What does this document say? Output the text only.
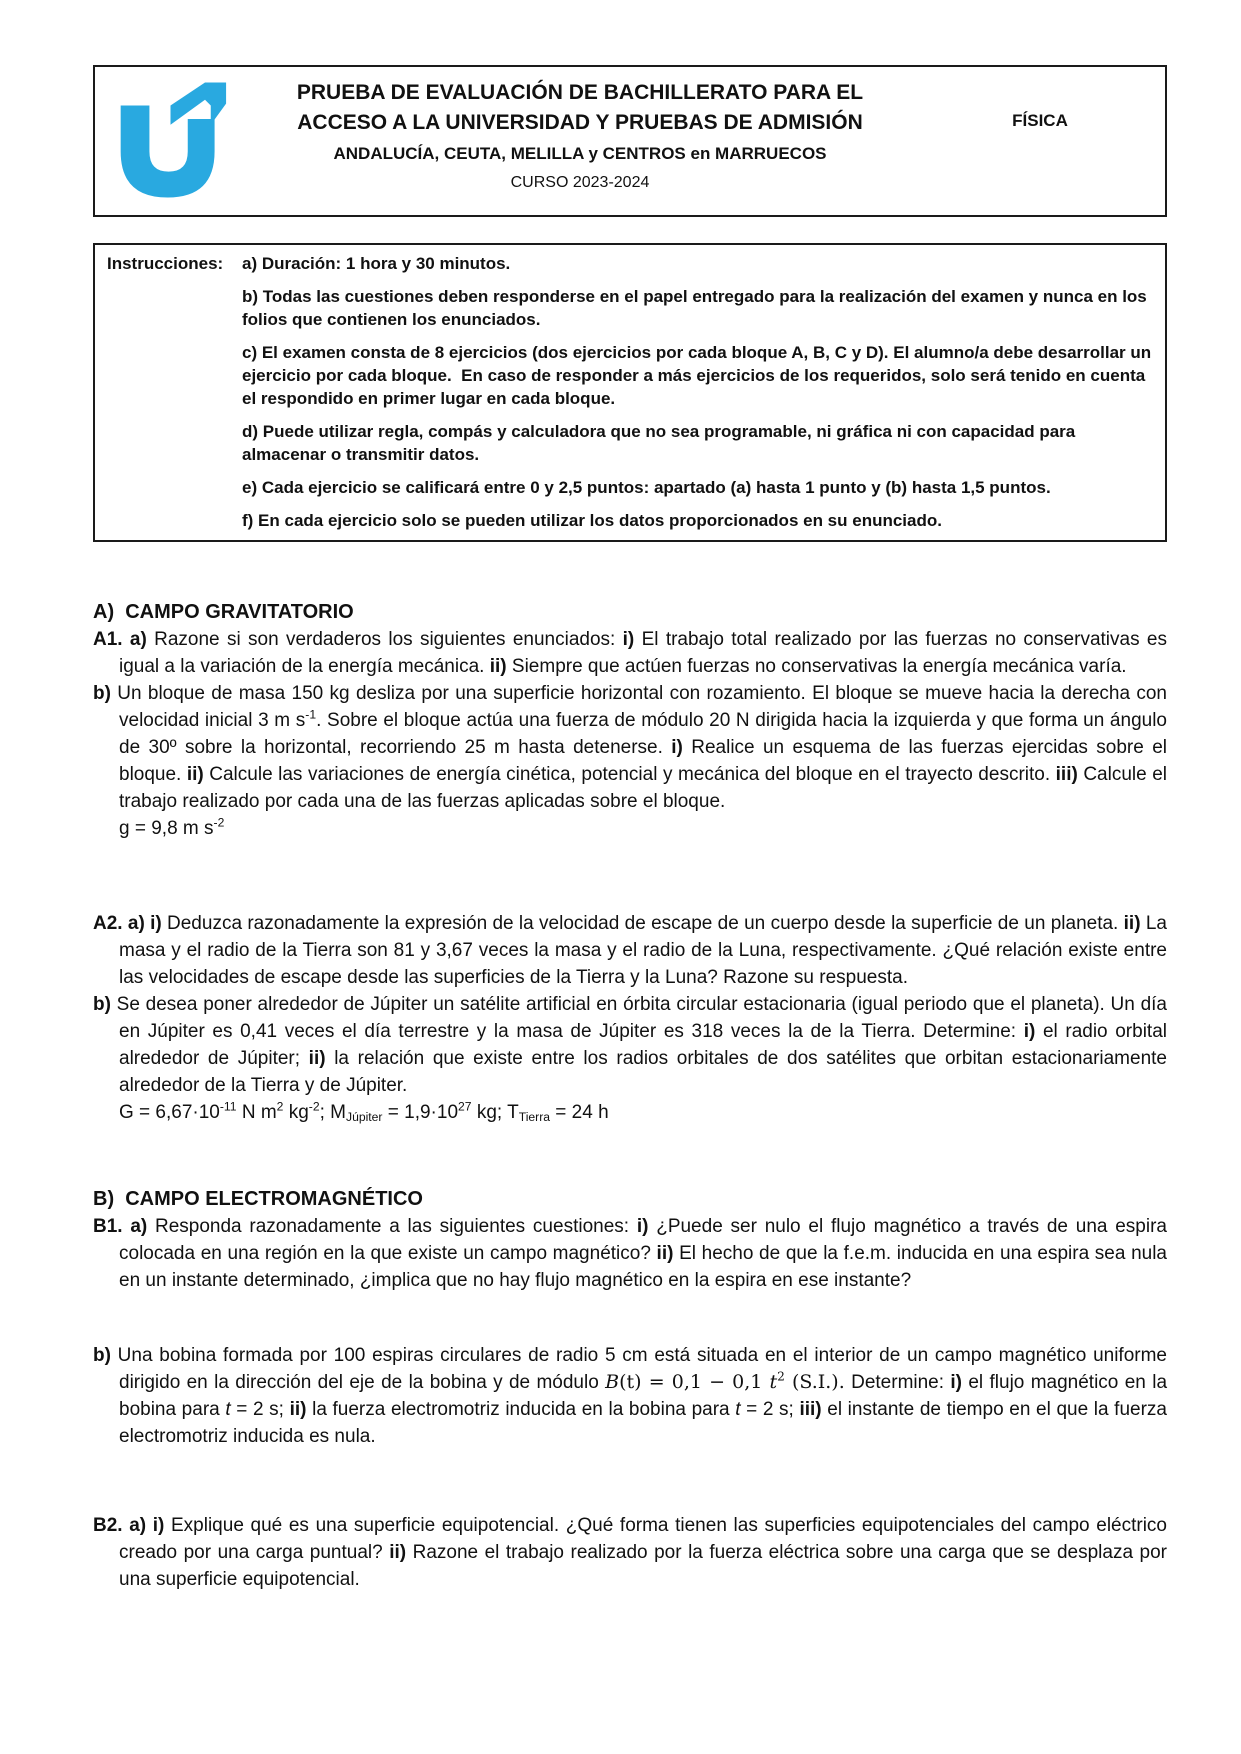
PRUEBA DE EVALUACIÓN DE BACHILLERATO PARA EL
ACCESO A LA UNIVERSIDAD Y PRUEBAS DE ADMISIÓN
ANDALUCÍA, CEUTA, MELILLA y CENTROS en MARRUECOS
CURSO 2023-2024
FÍSICA
Instrucciones:	a) Duración: 1 hora y 30 minutos.

b) Todas las cuestiones deben responderse en el papel entregado para la realización del examen y nunca en los folios que contienen los enunciados.

c) El examen consta de 8 ejercicios (dos ejercicios por cada bloque A, B, C y D). El alumno/a debe desarrollar un ejercicio por cada bloque.  En caso de responder a más ejercicios de los requeridos, solo será tenido en cuenta el respondido en primer lugar en cada bloque.

d) Puede utilizar regla, compás y calculadora que no sea programable, ni gráfica ni con capacidad para almacenar o transmitir datos.

e) Cada ejercicio se calificará entre 0 y 2,5 puntos: apartado (a) hasta 1 punto y (b) hasta 1,5 puntos.

f) En cada ejercicio solo se pueden utilizar los datos proporcionados en su enunciado.

A)  CAMPO GRAVITATORIO

A1. a) Razone si son verdaderos los siguientes enunciados: i) El trabajo total realizado por las fuerzas no conservativas es igual a la variación de la energía mecánica. ii) Siempre que actúen fuerzas no conservativas la energía mecánica varía.

b) Un bloque de masa 150 kg desliza por una superficie horizontal con rozamiento. El bloque se mueve hacia la derecha con velocidad inicial 3 m $s^{-1}$. Sobre el bloque actúa una fuerza de módulo 20 N dirigida hacia la izquierda y que forma un ángulo de 30º sobre la horizontal, recorriendo 25 m hasta detenerse. i) Realice un esquema de las fuerzas ejercidas sobre el bloque. ii) Calcule las variaciones de energía cinética, potencial y mecánica del bloque en el trayecto descrito. iii) Calcule el trabajo realizado por cada una de las fuerzas aplicadas sobre el bloque.

g = 9,8 m $s^{-2}$

A2. a) i) Deduzca razonadamente la expresión de la velocidad de escape de un cuerpo desde la superficie de un planeta. ii) La masa y el radio de la Tierra son 81 y 3,67 veces la masa y el radio de la Luna, respectivamente. ¿Qué relación existe entre las velocidades de escape desde las superficies de la Tierra y la Luna? Razone su respuesta.

b) Se desea poner alrededor de Júpiter un satélite artificial en órbita circular estacionaria (igual periodo que el planeta). Un día en Júpiter es 0,41 veces el día terrestre y la masa de Júpiter es 318 veces la de la Tierra. Determine: i) el radio orbital alrededor de Júpiter; ii) la relación que existe entre los radios orbitales de dos satélites que orbitan estacionariamente alrededor de la Tierra y de Júpiter.

$G = 6,67\cdot 10^{-11}$ N $m^2$ $kg^{-2}$; $M_{Júpiter} = 1,9\cdot 10^{27}$ kg; $T_{Tierra} = 24$ h

B)  CAMPO ELECTROMAGNÉTICO

B1. a) Responda razonadamente a las siguientes cuestiones: i) ¿Puede ser nulo el flujo magnético a través de una espira colocada en una región en la que existe un campo magnético? ii) El hecho de que la f.e.m. inducida en una espira sea nula en un instante determinado, ¿implica que no hay flujo magnético en la espira en ese instante?

b) Una bobina formada por 100 espiras circulares de radio 5 cm está situada en el interior de un campo magnético uniforme dirigido en la dirección del eje de la bobina y de módulo B(t) = 0,1 − 0,1 $t^2$ (S.I.). Determine: i) el flujo magnético en la bobina para t = 2 s; ii) la fuerza electromotriz inducida en la bobina para t = 2 s; iii) el instante de tiempo en el que la fuerza electromotriz inducida es nula.

B2. a) i) Explique qué es una superficie equipotencial. ¿Qué forma tienen las superficies equipotenciales del campo eléctrico creado por una carga puntual? ii) Razone el trabajo realizado por la fuerza eléctrica sobre una carga que se desplaza por una superficie equipotencial.
